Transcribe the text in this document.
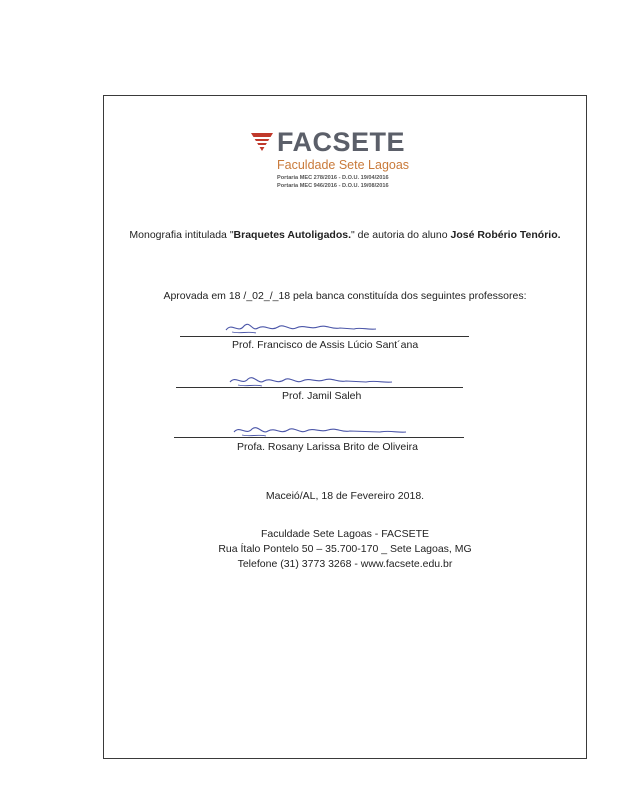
FACSETE
Faculdade Sete Lagoas
Portaria MEC 278/2016 - D.O.U. 19/04/2016
Portaria MEC 946/2016 - D.O.U. 19/08/2016
Monografia intitulada "Braquetes Autoligados." de autoria do aluno José Robério Tenório.
Aprovada em 18 /_02_/_18 pela banca constituída dos seguintes professores:
Prof. Francisco de Assis Lúcio Sant´ana
Prof. Jamil Saleh
Profa. Rosany Larissa Brito de Oliveira
Maceió/AL, 18 de Fevereiro 2018.
Faculdade Sete Lagoas - FACSETE
Rua Ítalo Pontelo 50 – 35.700-170 _ Sete Lagoas, MG
Telefone (31) 3773 3268 - www.facsete.edu.br
